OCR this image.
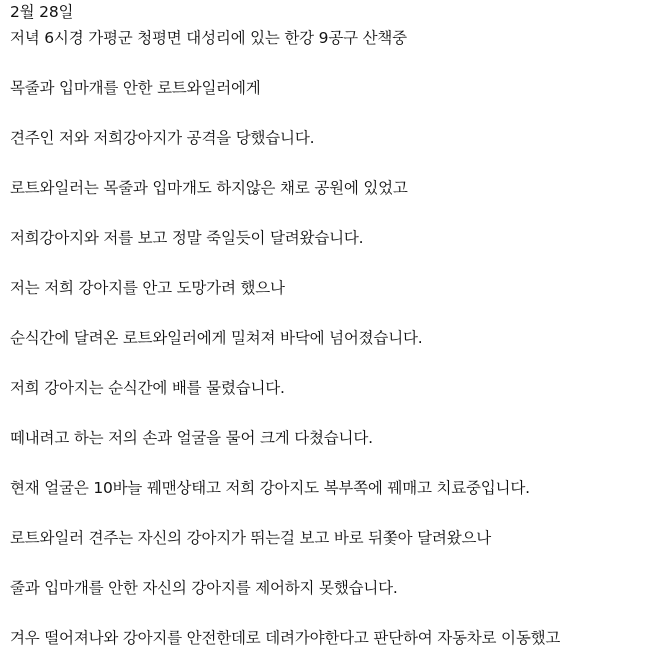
2월 28일
저녁 6시경 가평군 청평면 대성리에 있는 한강 9공구 산책중
목줄과 입마개를 안한 로트와일러에게
견주인 저와 저희강아지가 공격을 당했습니다.
로트와일러는 목줄과 입마개도 하지않은 채로 공원에 있었고
저희강아지와 저를 보고 정말 죽일듯이 달려왔습니다.
저는 저희 강아지를 안고 도망가려 했으나
순식간에 달려온 로트와일러에게 밀쳐져 바닥에 넘어졌습니다.
저희 강아지는 순식간에 배를 물렸습니다.
떼내려고 하는 저의 손과 얼굴을 물어 크게 다쳤습니다.
현재 얼굴은 10바늘 꿰맨상태고 저희 강아지도 복부쪽에 꿰매고 치료중입니다.
로트와일러 견주는 자신의 강아지가 뛰는걸 보고 바로 뒤쫓아 달려왔으나
줄과 입마개를 안한 자신의 강아지를 제어하지 못했습니다.
겨우 떨어져나와 강아지를 안전한데로 데려가야한다고 판단하여 자동차로 이동했고
